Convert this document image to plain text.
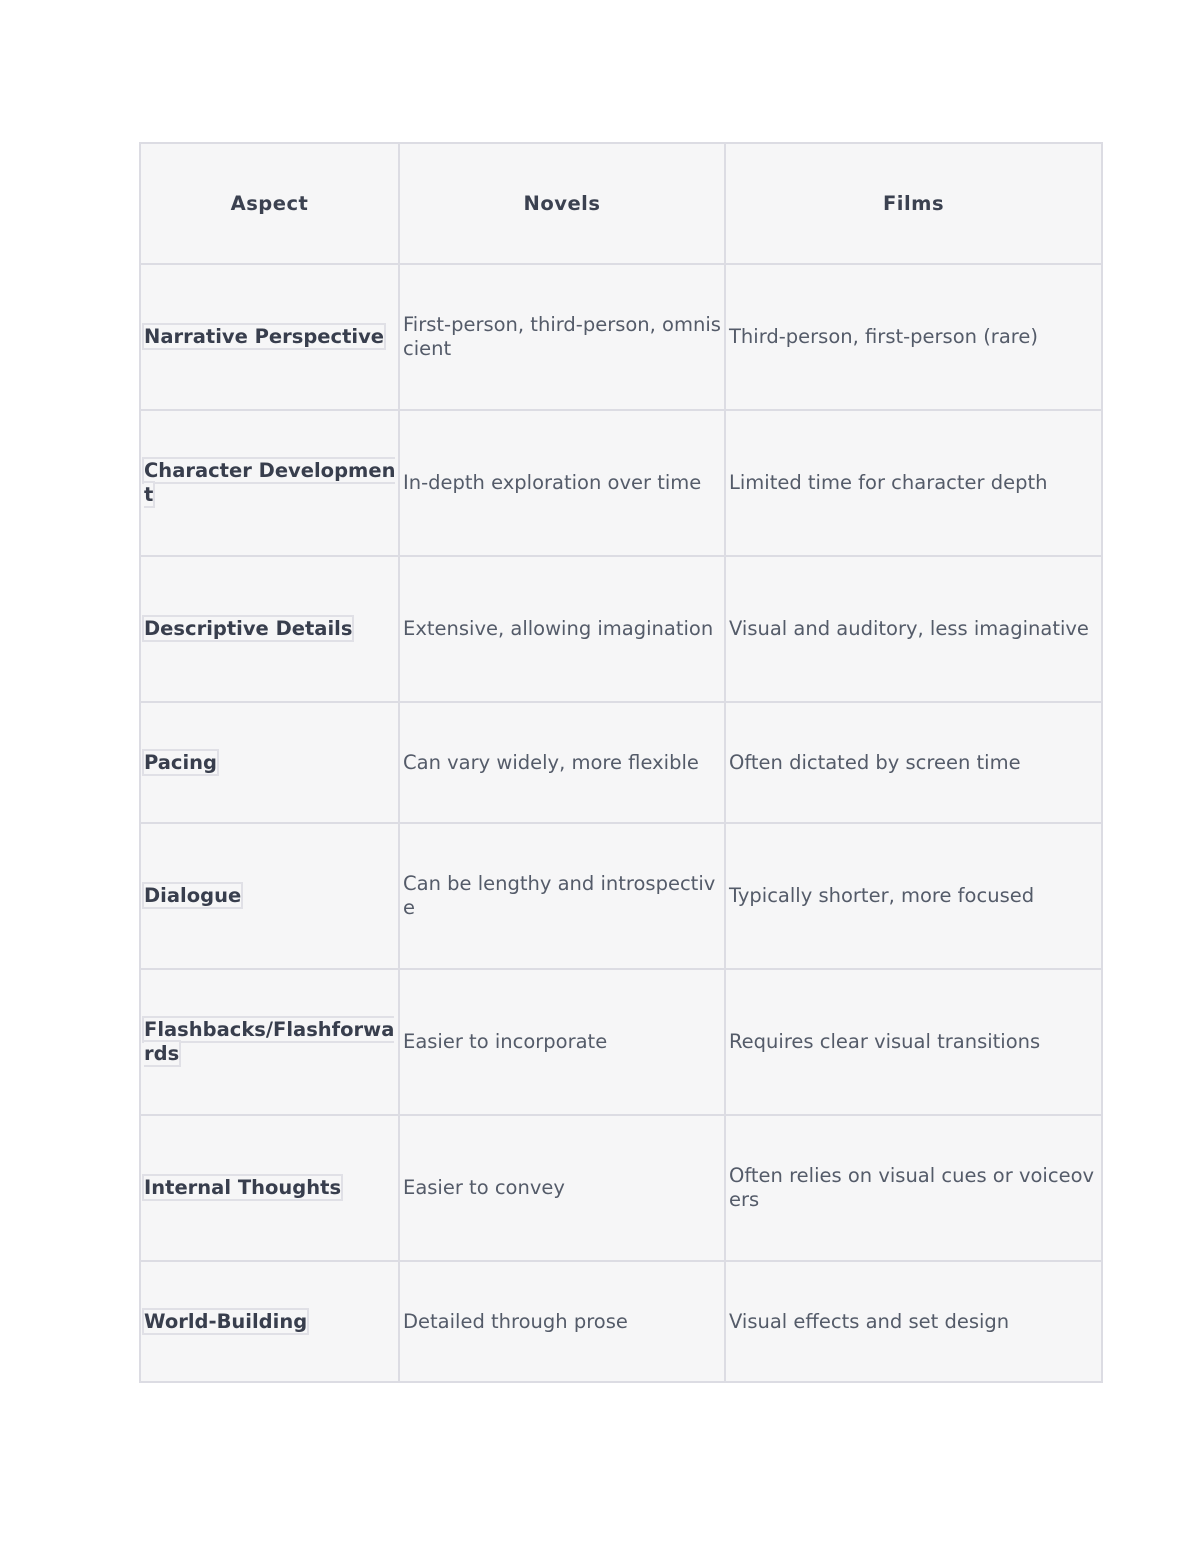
Aspect	Novels	Films
Narrative Perspective	First-person, third-person, omniscient	Third-person, first-person (rare)
Character Development	In-depth exploration over time	Limited time for character depth
Descriptive Details	Extensive, allowing imagination	Visual and auditory, less imaginative
Pacing	Can vary widely, more flexible	Often dictated by screen time
Dialogue	Can be lengthy and introspective	Typically shorter, more focused
Flashbacks/Flashforwards	Easier to incorporate	Requires clear visual transitions
Internal Thoughts	Easier to convey	Often relies on visual cues or voiceovers
World-Building	Detailed through prose	Visual effects and set design
